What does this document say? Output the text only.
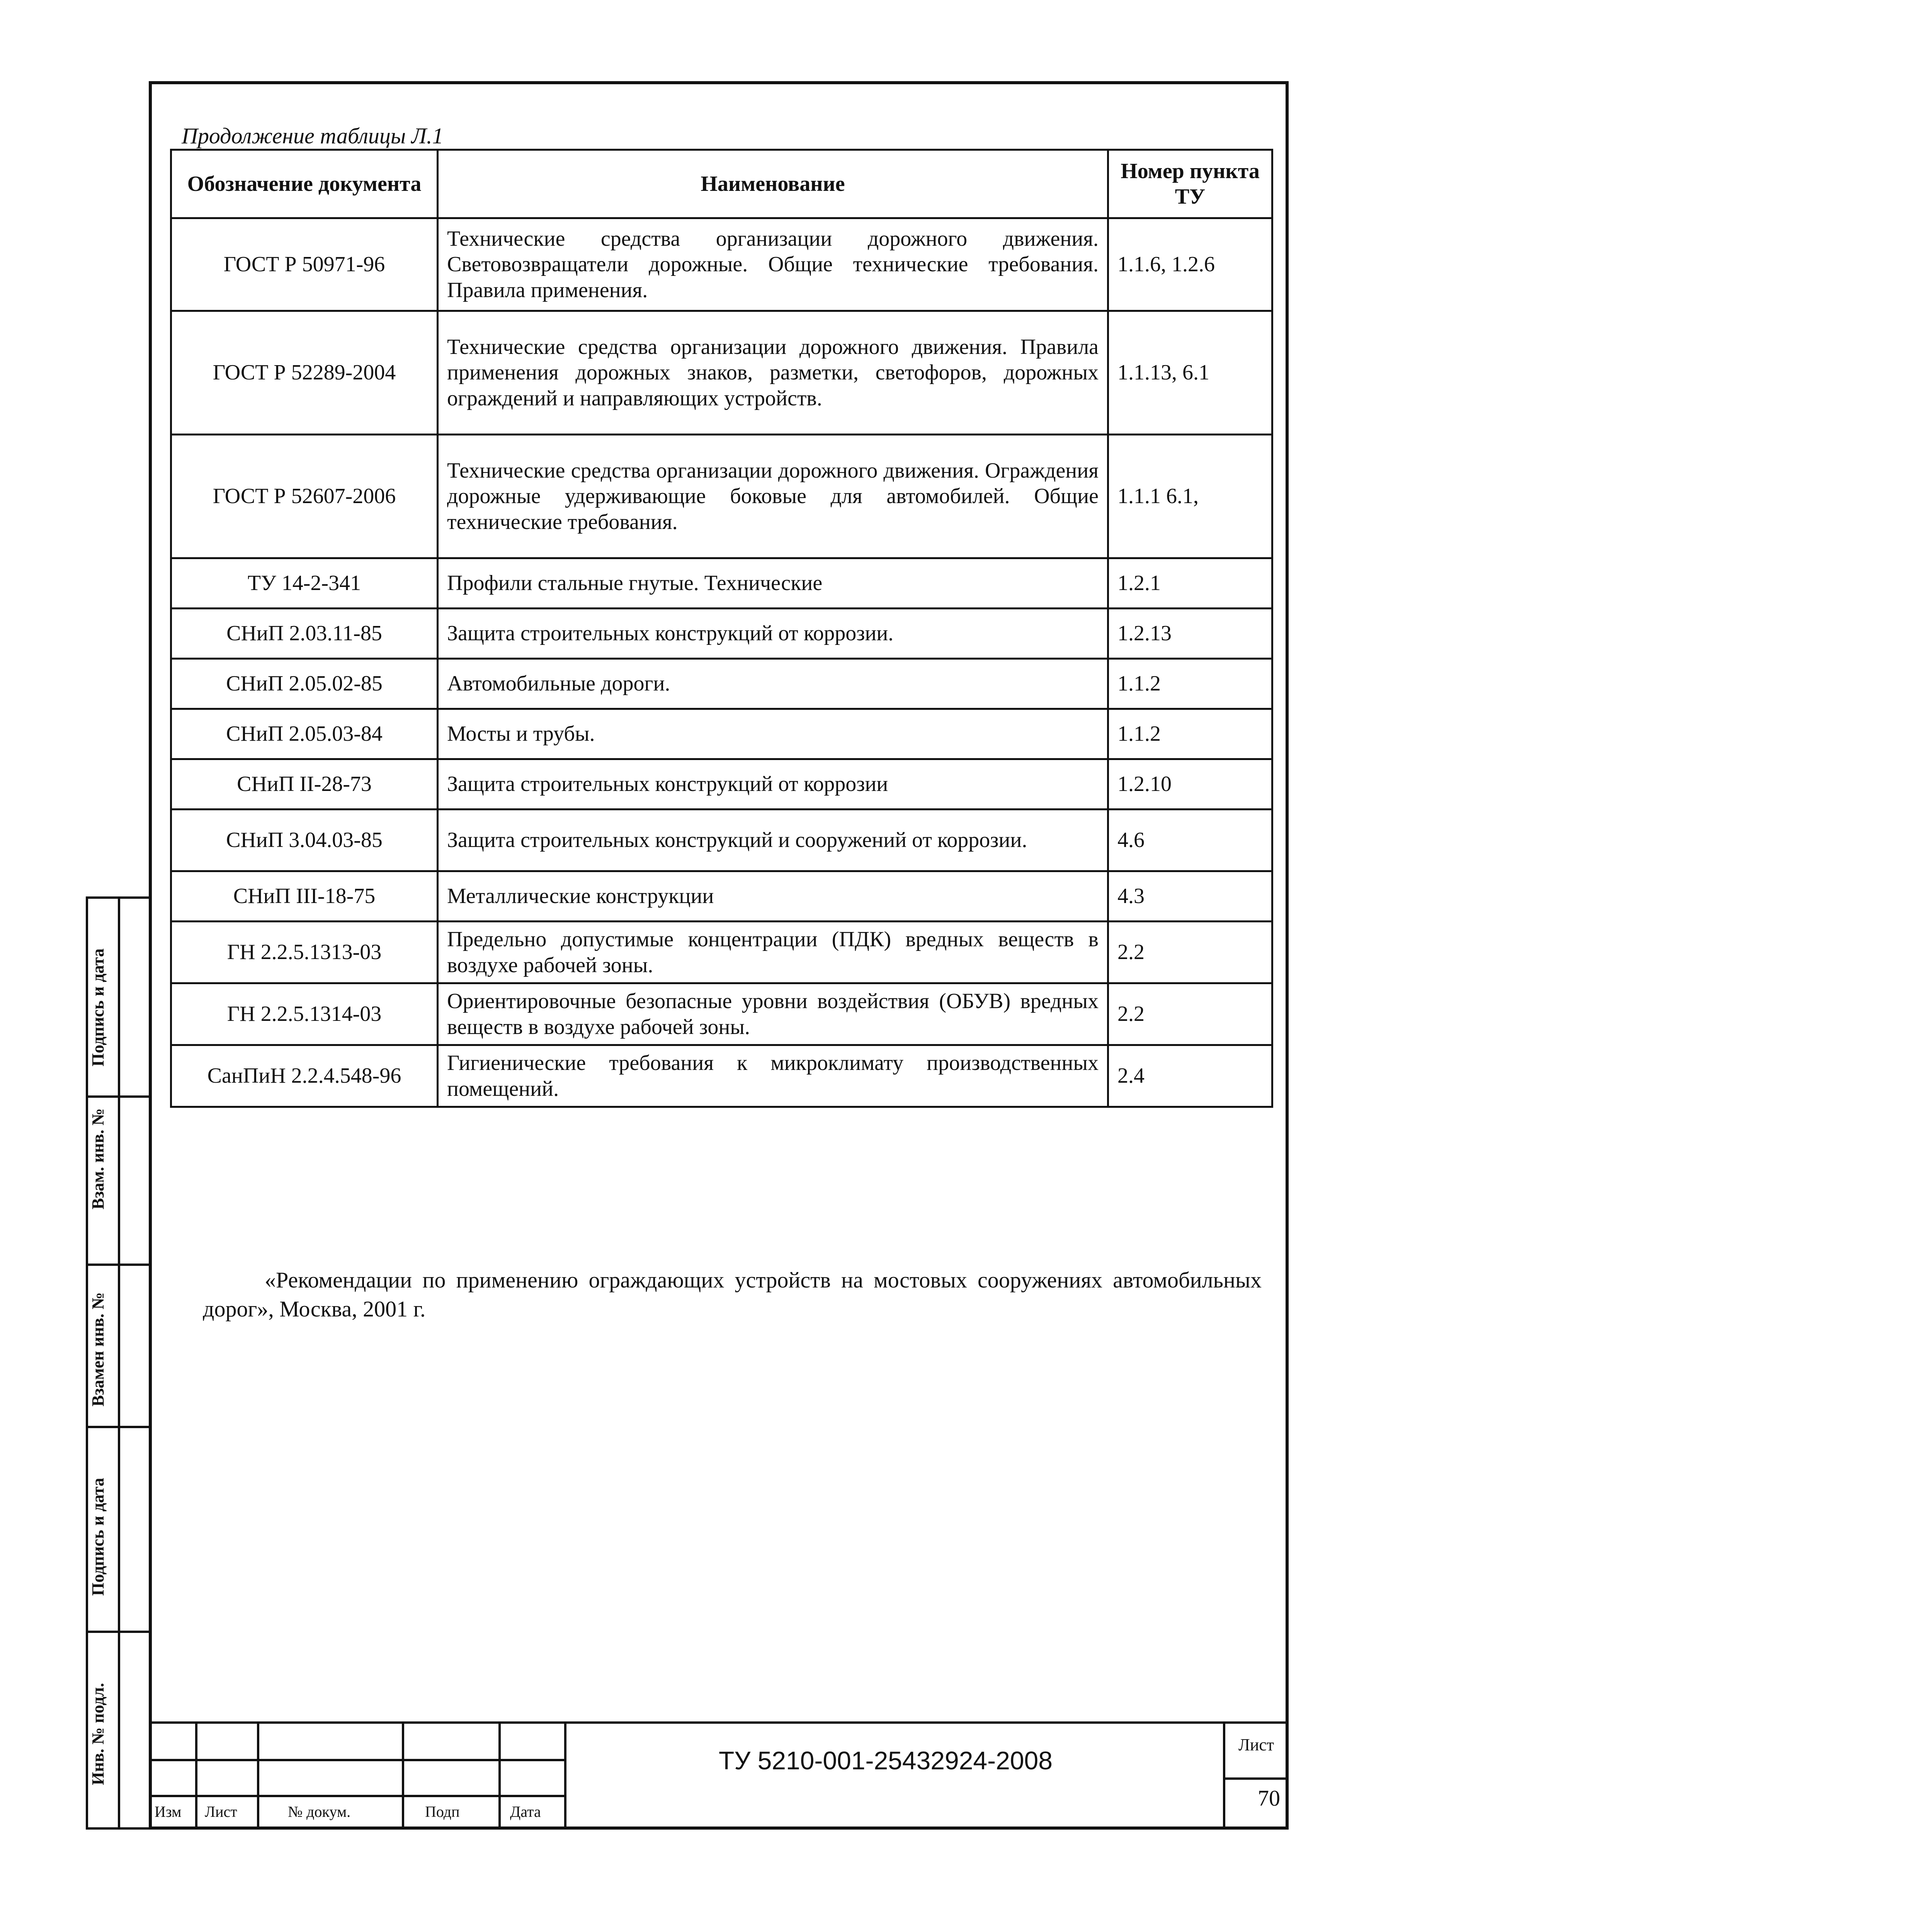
Продолжение таблицы Л.1
Обозначение документа	Наименование	Номер пункта ТУ
ГОСТ Р 50971-96	Технические средства организации дорожного движения. Световозвращатели дорожные. Общие технические требования. Правила применения.	1.1.6, 1.2.6
ГОСТ Р 52289-2004	Технические средства организации дорожного движения. Правила применения дорожных знаков, разметки, светофоров, дорожных ограждений и направляющих устройств.	1.1.13, 6.1
ГОСТ Р 52607-2006	Технические средства организации дорожного движения. Ограждения дорожные удерживающие боковые для автомобилей. Общие технические требования.	1.1.1 6.1,
ТУ 14-2-341	Профили стальные гнутые. Технические	1.2.1
СНиП 2.03.11-85	Защита строительных конструкций от коррозии.	1.2.13
СНиП 2.05.02-85	Автомобильные дороги.	1.1.2
СНиП 2.05.03-84	Мосты и трубы.	1.1.2
СНиП II-28-73	Защита строительных конструкций от коррозии	1.2.10
СНиП 3.04.03-85	Защита строительных конструкций и сооружений от коррозии.	4.6
СНиП III-18-75	Металлические конструкции	4.3
ГН 2.2.5.1313-03	Предельно допустимые концентрации (ПДК) вредных веществ в воздухе рабочей зоны.	2.2
ГН 2.2.5.1314-03	Ориентировочные безопасные уровни воздействия (ОБУВ) вредных веществ в воздухе рабочей зоны.	2.2
СанПиН 2.2.4.548-96	Гигиенические требования к микроклимату производственных помещений.	2.4
«Рекомендации по применению ограждающих устройств на мостовых сооружениях автомобильных дорог», Москва, 2001 г.
Подпись и дата
Взам. инв. №
Взамен инв. №
Подпись и дата
Инв. № подл.
Изм Лист	№ докум.	Подп	Дата
ТУ 5210-001-25432924-2008
Лист
70
